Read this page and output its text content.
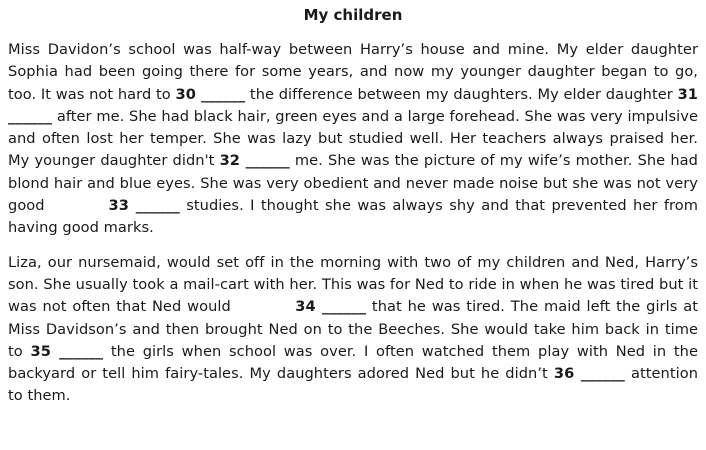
My children

Miss Davidon’s school was half-way between Harry’s house and mine. My elder daughter Sophia had been going there for some years, and now my younger daughter began to go, too. It was not hard to 30 ______ the difference between my daughters. My elder daughter 31 ______ after me. She had black hair, green eyes and a large forehead. She was very impulsive and often lost her temper. She was lazy but studied well. Her teachers always praised her. My younger daughter didn't 32 ______ me. She was the picture of my wife’s mother. She had blond hair and blue eyes. She was very obedient and never made noise but she was not very good          33 ______ studies. I thought she was always shy and that prevented her from having good marks.

Liza, our nursemaid, would set off in the morning with two of my children and Ned, Harry’s son. She usually took a mail-cart with her. This was for Ned to ride in when he was tired but it was not often that Ned would           34 ______ that he was tired. The maid left the girls at Miss Davidson’s and then brought Ned on to the Beeches. She would take him back in time to 35 ______ the girls when school was over. I often watched them play with Ned in the backyard or tell him fairy-tales. My daughters adored Ned but he didn’t 36 ______ attention to them.
